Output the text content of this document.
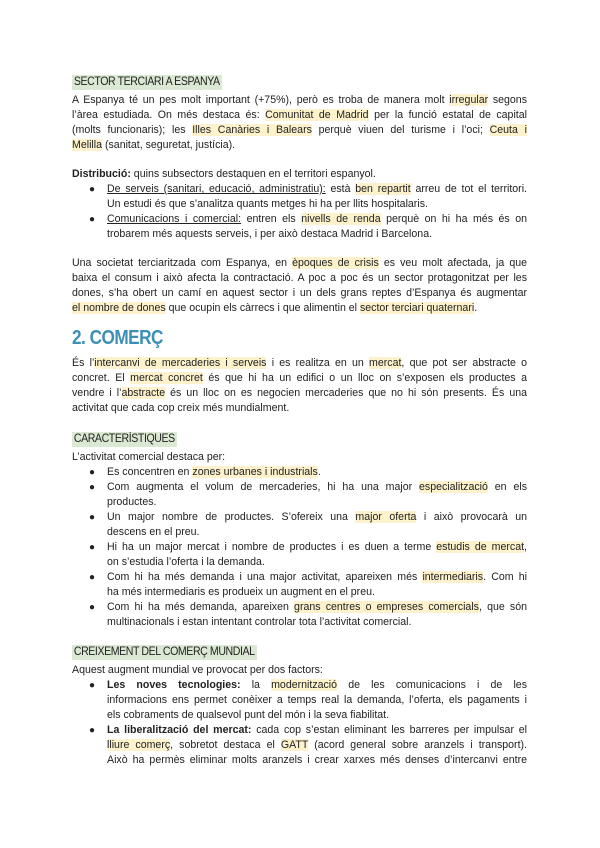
SECTOR TERCIARI A ESPANYA
A Espanya té un pes molt important (+75%), però es troba de manera molt irregular segons
l’àrea estudiada. On més destaca és: Comunitat de Madrid per la funció estatal de capital
(molts funcionaris); les Illes Canàries i Balears perquè viuen del turisme i l’oci; Ceuta i
Melilla (sanitat, seguretat, justícia).
Distribució: quins subsectors destaquen en el territori espanyol.
● De serveis (sanitari, educació, administratiu): està ben repartit arreu de tot el territori.
Un estudi és que s’analitza quants metges hi ha per llits hospitalaris.
● Comunicacions i comercial: entren els nivells de renda perquè on hi ha més és on
trobarem més aquests serveis, i per això destaca Madrid i Barcelona.
Una societat terciaritzada com Espanya, en èpoques de crisis es veu molt afectada, ja que
baixa el consum i això afecta la contractació. A poc a poc és un sector protagonitzat per les
dones, s’ha obert un camí en aquest sector i un dels grans reptes d’Espanya és augmentar
el nombre de dones que ocupin els càrrecs i que alimentin el sector terciari quaternari.
2. COMERÇ
És l’intercanvi de mercaderies i serveis i es realitza en un mercat, que pot ser abstracte o
concret. El mercat concret és que hi ha un edifici o un lloc on s’exposen els productes a
vendre i l’abstracte és un lloc on es negocien mercaderies que no hi són presents. És una
activitat que cada cop creix més mundialment.
CARACTERÍSTIQUES
L’activitat comercial destaca per:
● Es concentren en zones urbanes i industrials.
● Com augmenta el volum de mercaderies, hi ha una major especialització en els
productes.
● Un major nombre de productes. S’ofereix una major oferta i això provocarà un
descens en el preu.
● Hi ha un major mercat i nombre de productes i es duen a terme estudis de mercat,
on s’estudia l’oferta i la demanda.
● Com hi ha més demanda i una major activitat, apareixen més intermediaris. Com hi
ha més intermediaris es produeix un augment en el preu.
● Com hi ha més demanda, apareixen grans centres o empreses comercials, que són
multinacionals i estan intentant controlar tota l’activitat comercial.
CREIXEMENT DEL COMERÇ MUNDIAL
Aquest augment mundial ve provocat per dos factors:
● Les noves tecnologies: la modernització de les comunicacions i de les
informacions ens permet conèixer a temps real la demanda, l’oferta, els pagaments i
els cobraments de qualsevol punt del món i la seva fiabilitat.
● La liberalització del mercat: cada cop s’estan eliminant les barreres per impulsar el
lliure comerç, sobretot destaca el GATT (acord general sobre aranzels i transport).
Això ha permès eliminar molts aranzels i crear xarxes més denses d’intercanvi entre
